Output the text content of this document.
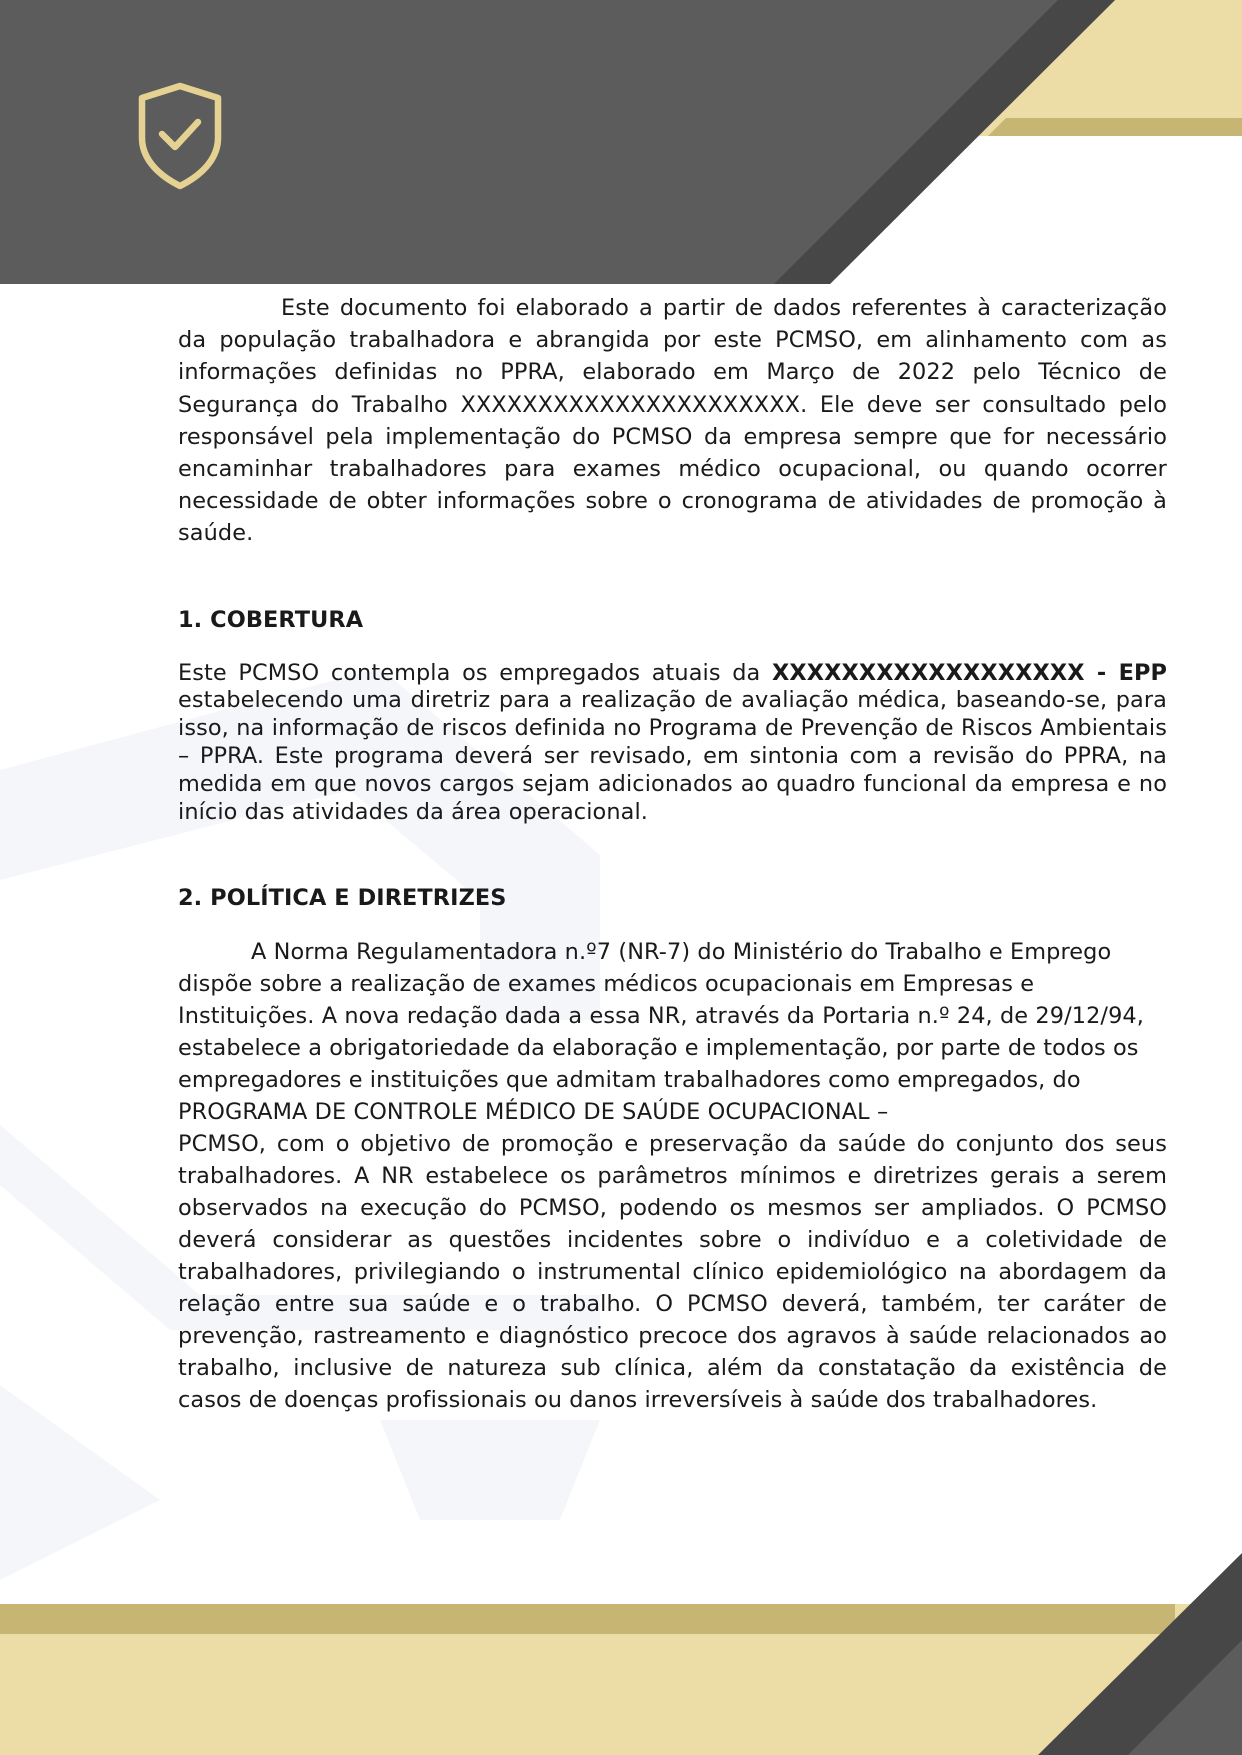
Este documento foi elaborado a partir de dados referentes à caracterização da população trabalhadora e abrangida por este PCMSO, em alinhamento com as informações definidas no PPRA, elaborado em Março de 2022 pelo Técnico de Segurança do Trabalho XXXXXXXXXXXXXXXXXXXXXX. Ele deve ser consultado pelo responsável pela implementação do PCMSO da empresa sempre que for necessário encaminhar trabalhadores para exames médico ocupacional, ou quando ocorrer necessidade de obter informações sobre o cronograma de atividades de promoção à saúde.

1. COBERTURA

Este PCMSO contempla os empregados atuais da XXXXXXXXXXXXXXXXXX - EPP estabelecendo uma diretriz para a realização de avaliação médica, baseando-se, para isso, na informação de riscos definida no Programa de Prevenção de Riscos Ambientais – PPRA. Este programa deverá ser revisado, em sintonia com a revisão do PPRA, na medida em que novos cargos sejam adicionados ao quadro funcional da empresa e no início das atividades da área operacional.

2. POLÍTICA E DIRETRIZES

A Norma Regulamentadora n.º7 (NR-7) do Ministério do Trabalho e Emprego dispõe sobre a realização de exames médicos ocupacionais em Empresas e Instituições. A nova redação dada a essa NR, através da Portaria n.º 24, de 29/12/94, estabelece a obrigatoriedade da elaboração e implementação, por parte de todos os empregadores e instituições que admitam trabalhadores como empregados, do PROGRAMA DE CONTROLE MÉDICO DE SAÚDE OCUPACIONAL –

PCMSO, com o objetivo de promoção e preservação da saúde do conjunto dos seus trabalhadores. A NR estabelece os parâmetros mínimos e diretrizes gerais a serem observados na execução do PCMSO, podendo os mesmos ser ampliados. O PCMSO deverá considerar as questões incidentes sobre o indivíduo e a coletividade de trabalhadores, privilegiando o instrumental clínico epidemiológico na abordagem da relação entre sua saúde e o trabalho. O PCMSO deverá, também, ter caráter de prevenção, rastreamento e diagnóstico precoce dos agravos à saúde relacionados ao trabalho, inclusive de natureza sub clínica, além da constatação da existência de casos de doenças profissionais ou danos irreversíveis à saúde dos trabalhadores.
